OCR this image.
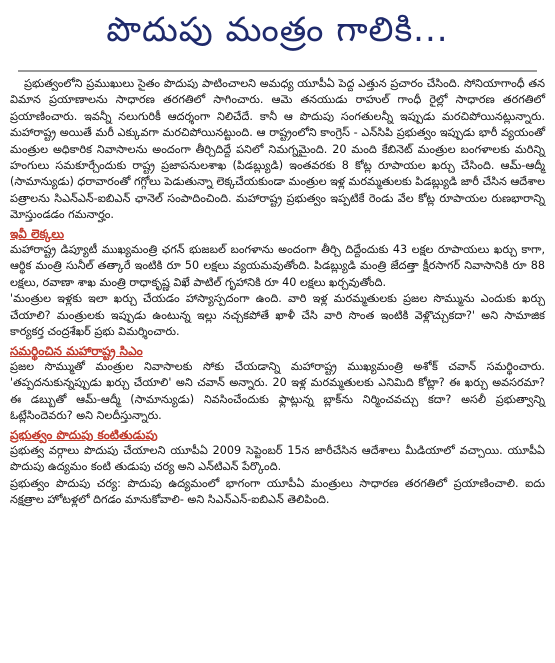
పొదుపు మంత్రం గాలికి...

ప్రభుత్వంలోని ప్రముఖులు సైతం పొదుపు పాటించాలని అమధ్య యూపీఏ పెద్ద ఎత్తున ప్రచారం చేసింది. సోనియాగాంధీ తన విమాన ప్రయాణాలను సాధారణ తరగతిలో సాగించారు. ఆమె తనయుడు రాహుల్ గాంధీ రైల్లో సాధారణ తరగతిలో ప్రయాణించారు. ఇవన్నీ నలుగురికీ ఆదర్శంగా నిలిచేదే. కానీ ఆ పొదుపు సంగతులన్నీ ఇప్పుడు మరచిపోయినట్లున్నారు. మహారాష్ట్ర అయితే మరీ ఎక్కువగా మరచిపోయినట్టుంది. ఆ రాష్ట్రంలోని కాంగ్రెస్ - ఎన్‌సిపి ప్రభుత్వం ఇప్పుడు భారీ వ్యయంతో మంత్రుల అధికారిక నివాసాలను అందంగా తీర్చిదిద్దే పనిలో నిమగ్నమైంది. 20 మంది కేబినెట్ మంత్రుల బంగళాలకు మరిన్ని హంగులు సమకూర్చేందుకు రాష్ట్ర ప్రజాపనులశాఖ (పిడబ్ల్యుడి) ఇంతవరకు 8 కోట్ల రూపాయల ఖర్చు చేసింది. ఆమ్-ఆద్మీ (సామాన్యుడు) ధరావారంతో గగ్గోలు పెడుతున్నా లెక్కచేయకుండా మంత్రుల ఇళ్ల మరమ్మతులకు పిడబ్ల్యుడి జారీ చేసిన ఆదేశాల పత్రాలను సిఎన్ఎన్-ఐబిఎన్ ఛానెల్ సంపాదించింది. మహారాష్ట్ర ప్రభుత్వం ఇప్పటికే రెండు వేల కోట్ల రూపాయల రుణభారాన్ని మోస్తుండడం గమనార్హం.

ఇవీ లెక్కలు

మహారాష్ట్ర డిప్యూటీ ముఖ్యమంత్రి ఛగన్ భుజబల్ బంగళాను అందంగా తీర్చి దిద్దేందుకు 43 లక్షల రూపాయలు ఖర్చు కాగా, ఆర్థిక మంత్రి సునీల్ తత్కారే ఇంటికి రూ 50 లక్షలు వ్యయమవుతోంది. పిడబ్ల్యుడి మంత్రి జేదత్తా క్షీరసాగర్ నివాసానికి రూ 88 లక్షలు, రవాణా శాఖ మంత్రి రాధాకృష్ణ విఖే పాటిల్ గృహానికి రూ 40 లక్షలు ఖర్చవుతోంది.

'మంత్రుల ఇళ్లకు ఇలా ఖర్చు చేయడం హాస్యాస్పదంగా ఉంది. వారి ఇళ్ల మరమ్మతులకు ప్రజల సొమ్మును ఎందుకు ఖర్చు చేయాలి? మంత్రులకు ఇప్పుడు ఉంటున్న ఇల్లు నచ్చకపోతే ఖాళీ చేసి వారి సొంత ఇంటికి వెళ్లొచ్చుకదా?' అని సామాజిక కార్యకర్త చంద్రశేఖర్ ప్రభు విమర్శించారు.

సమర్థించిన మహారాష్ట్ర సిఎం

ప్రజల సొమ్ముతో మంత్రుల నివాసాలకు సోకు చేయడాన్ని మహారాష్ట్ర ముఖ్యమంత్రి అశోక్ చవాన్ సమర్థించారు. 'తప్పదనుకున్నప్పుడు ఖర్చు చేయాలి' అని చవాన్ అన్నారు. 20 ఇళ్ల మరమ్మతులకు ఎనిమిది కోట్లా? ఈ ఖర్చు అవసరమా? ఈ డబ్బుతో ఆమ్-ఆద్మీ (సామాన్యుడు) నివసించేందుకు ఫ్లాట్లున్న బ్లాక్‌ను నిర్మించవచ్చు కదా? అసలీ ప్రభుత్వాన్ని ఓట్లేసిందెవరు? అని నిలదీస్తున్నారు.

ప్రభుత్వం పొదుపు కంటితుడుపు

ప్రభుత్వ వర్గాలు పొదుపు చేయాలని యూపీఏ 2009 సెప్టెంబర్ 15న జారీచేసిన ఆదేశాలు మీడియాలో వచ్చాయి. యూపీఏ పొదుపు ఉద్యమం కంటి తుడుపు చర్య అని ఎన్‌టిఎన్ పేర్కొంది.

ప్రభుత్వం పొదుపు చర్య: పొదుపు ఉద్యమంలో భాగంగా యూపీఏ మంత్రులు సాధారణ తరగతిలో ప్రయాణించాలి. ఐదు నక్షత్రాల హోటళ్లలో దిగడం మానుకోవాలి- అని సిఎన్ఎన్-ఐబిఎన్ తెలిపింది.
